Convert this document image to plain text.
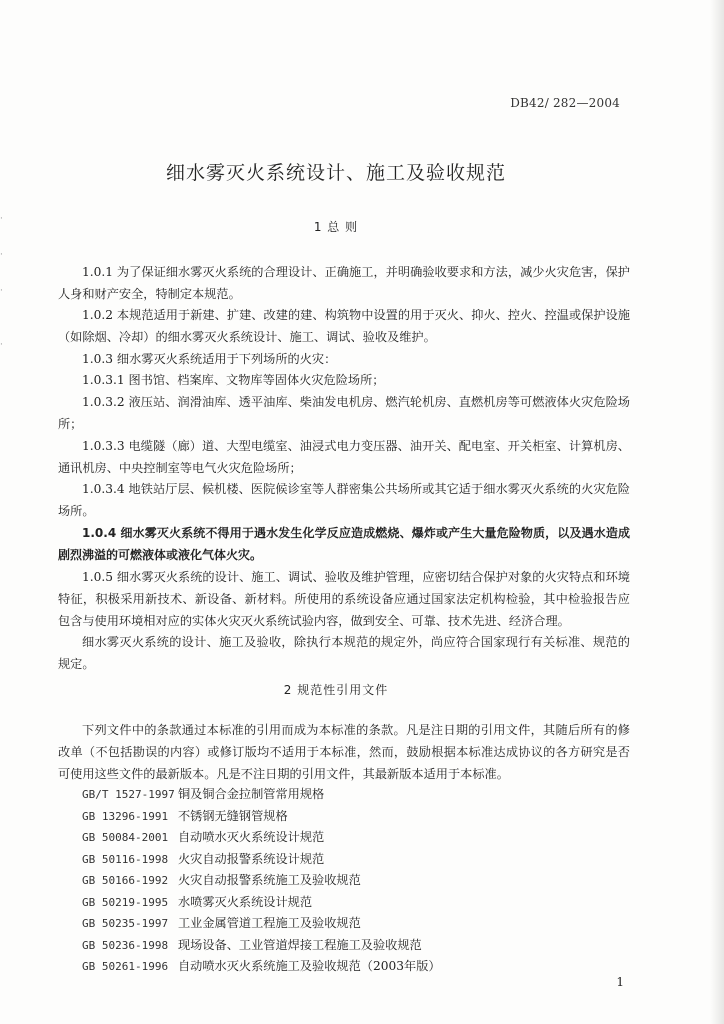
·

·

·

·
DB42/ 282—2004
细水雾灭火系统设计、施工及验收规范
1 总 则

1.0.1 为了保证细水雾灭火系统的合理设计、正确施工，并明确验收要求和方法，减少火灾危害，保护人身和财产安全，特制定本规范。

1.0.2 本规范适用于新建、扩建、改建的建、构筑物中设置的用于灭火、抑火、控火、控温或保护设施（如除烟、冷却）的细水雾灭火系统设计、施工、调试、验收及维护。

1.0.3 细水雾灭火系统适用于下列场所的火灾：

1.0.3.1 图书馆、档案库、文物库等固体火灾危险场所；

1.0.3.2 液压站、润滑油库、透平油库、柴油发电机房、燃汽轮机房、直燃机房等可燃液体火灾危险场所；

1.0.3.3 电缆隧（廊）道、大型电缆室、油浸式电力变压器、油开关、配电室、开关柜室、计算机房、通讯机房、中央控制室等电气火灾危险场所；

1.0.3.4 地铁站厅层、候机楼、医院候诊室等人群密集公共场所或其它适于细水雾灭火系统的火灾危险场所。

1.0.4 细水雾灭火系统不得用于遇水发生化学反应造成燃烧、爆炸或产生大量危险物质，以及遇水造成剧烈沸溢的可燃液体或液化气体火灾。

1.0.5 细水雾灭火系统的设计、施工、调试、验收及维护管理，应密切结合保护对象的火灾特点和环境特征，积极采用新技术、新设备、新材料。所使用的系统设备应通过国家法定机构检验，其中检验报告应包含与使用环境相对应的实体火灾灭火系统试验内容，做到安全、可靠、技术先进、经济合理。

细水雾灭火系统的设计、施工及验收，除执行本规范的规定外，尚应符合国家现行有关标准、规范的规定。

2 规范性引用文件

下列文件中的条款通过本标准的引用而成为本标准的条款。凡是注日期的引用文件，其随后所有的修改单（不包括勘误的内容）或修订版均不适用于本标准，然而，鼓励根据本标准达成协议的各方研究是否可使用这些文件的最新版本。凡是不注日期的引用文件，其最新版本适用于本标准。

GB/T 1527-1997 铜及铜合金拉制管常用规格
GB 13296-1991 不锈钢无缝钢管规格
GB 50084-2001 自动喷水灭火系统设计规范
GB 50116-1998 火灾自动报警系统设计规范
GB 50166-1992 火灾自动报警系统施工及验收规范
GB 50219-1995 水喷雾灭火系统设计规范
GB 50235-1997 工业金属管道工程施工及验收规范
GB 50236-1998 现场设备、工业管道焊接工程施工及验收规范
GB 50261-1996 自动喷水灭火系统施工及验收规范（2003年版）
1
